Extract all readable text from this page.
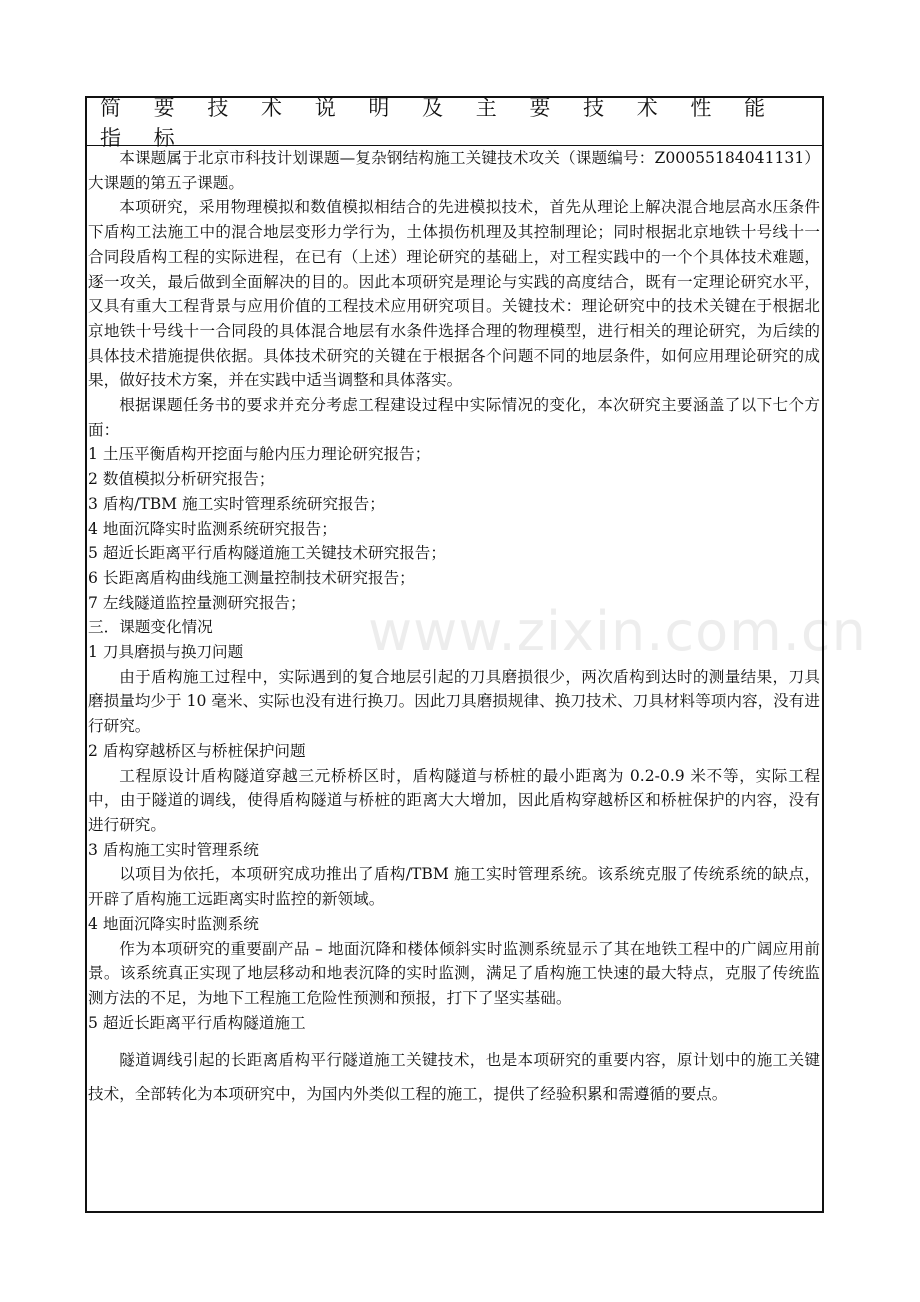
简 要 技 术 说 明 及 主 要 技 术 性 能 指 标

本课题属于北京市科技计划课题—复杂钢结构施工关键技术攻关（课题编号：Z00055184041131）大课题的第五子课题。

本项研究，采用物理模拟和数值模拟相结合的先进模拟技术，首先从理论上解决混合地层高水压条件下盾构工法施工中的混合地层变形力学行为，土体损伤机理及其控制理论；同时根据北京地铁十号线十一合同段盾构工程的实际进程，在已有（上述）理论研究的基础上，对工程实践中的一个个具体技术难题，逐一攻关，最后做到全面解决的目的。因此本项研究是理论与实践的高度结合，既有一定理论研究水平，又具有重大工程背景与应用价值的工程技术应用研究项目。关键技术：理论研究中的技术关键在于根据北京地铁十号线十一合同段的具体混合地层有水条件选择合理的物理模型，进行相关的理论研究，为后续的具体技术措施提供依据。具体技术研究的关键在于根据各个问题不同的地层条件，如何应用理论研究的成果，做好技术方案，并在实践中适当调整和具体落实。

根据课题任务书的要求并充分考虑工程建设过程中实际情况的变化，本次研究主要涵盖了以下七个方面：

1 土压平衡盾构开挖面与舱内压力理论研究报告；

2 数值模拟分析研究报告；

3 盾构/TBM 施工实时管理系统研究报告；

4 地面沉降实时监测系统研究报告；

5 超近长距离平行盾构隧道施工关键技术研究报告；

6 长距离盾构曲线施工测量控制技术研究报告；

7 左线隧道监控量测研究报告；

三．课题变化情况

1 刀具磨损与换刀问题

由于盾构施工过程中，实际遇到的复合地层引起的刀具磨损很少，两次盾构到达时的测量结果，刀具磨损量均少于 10 毫米、实际也没有进行换刀。因此刀具磨损规律、换刀技术、刀具材料等项内容，没有进行研究。

2 盾构穿越桥区与桥桩保护问题

工程原设计盾构隧道穿越三元桥桥区时，盾构隧道与桥桩的最小距离为 0.2-0.9 米不等，实际工程中，由于隧道的调线，使得盾构隧道与桥桩的距离大大增加，因此盾构穿越桥区和桥桩保护的内容，没有进行研究。

3 盾构施工实时管理系统

以项目为依托，本项研究成功推出了盾构/TBM 施工实时管理系统。该系统克服了传统系统的缺点，开辟了盾构施工远距离实时监控的新领域。

4 地面沉降实时监测系统

作为本项研究的重要副产品 – 地面沉降和楼体倾斜实时监测系统显示了其在地铁工程中的广阔应用前景。该系统真正实现了地层移动和地表沉降的实时监测，满足了盾构施工快速的最大特点，克服了传统监测方法的不足，为地下工程施工危险性预测和预报，打下了坚实基础。

5 超近长距离平行盾构隧道施工

隧道调线引起的长距离盾构平行隧道施工关键技术，也是本项研究的重要内容，原计划中的施工关键技术，全部转化为本项研究中，为国内外类似工程的施工，提供了经验积累和需遵循的要点。

www.zixin.com.cn
